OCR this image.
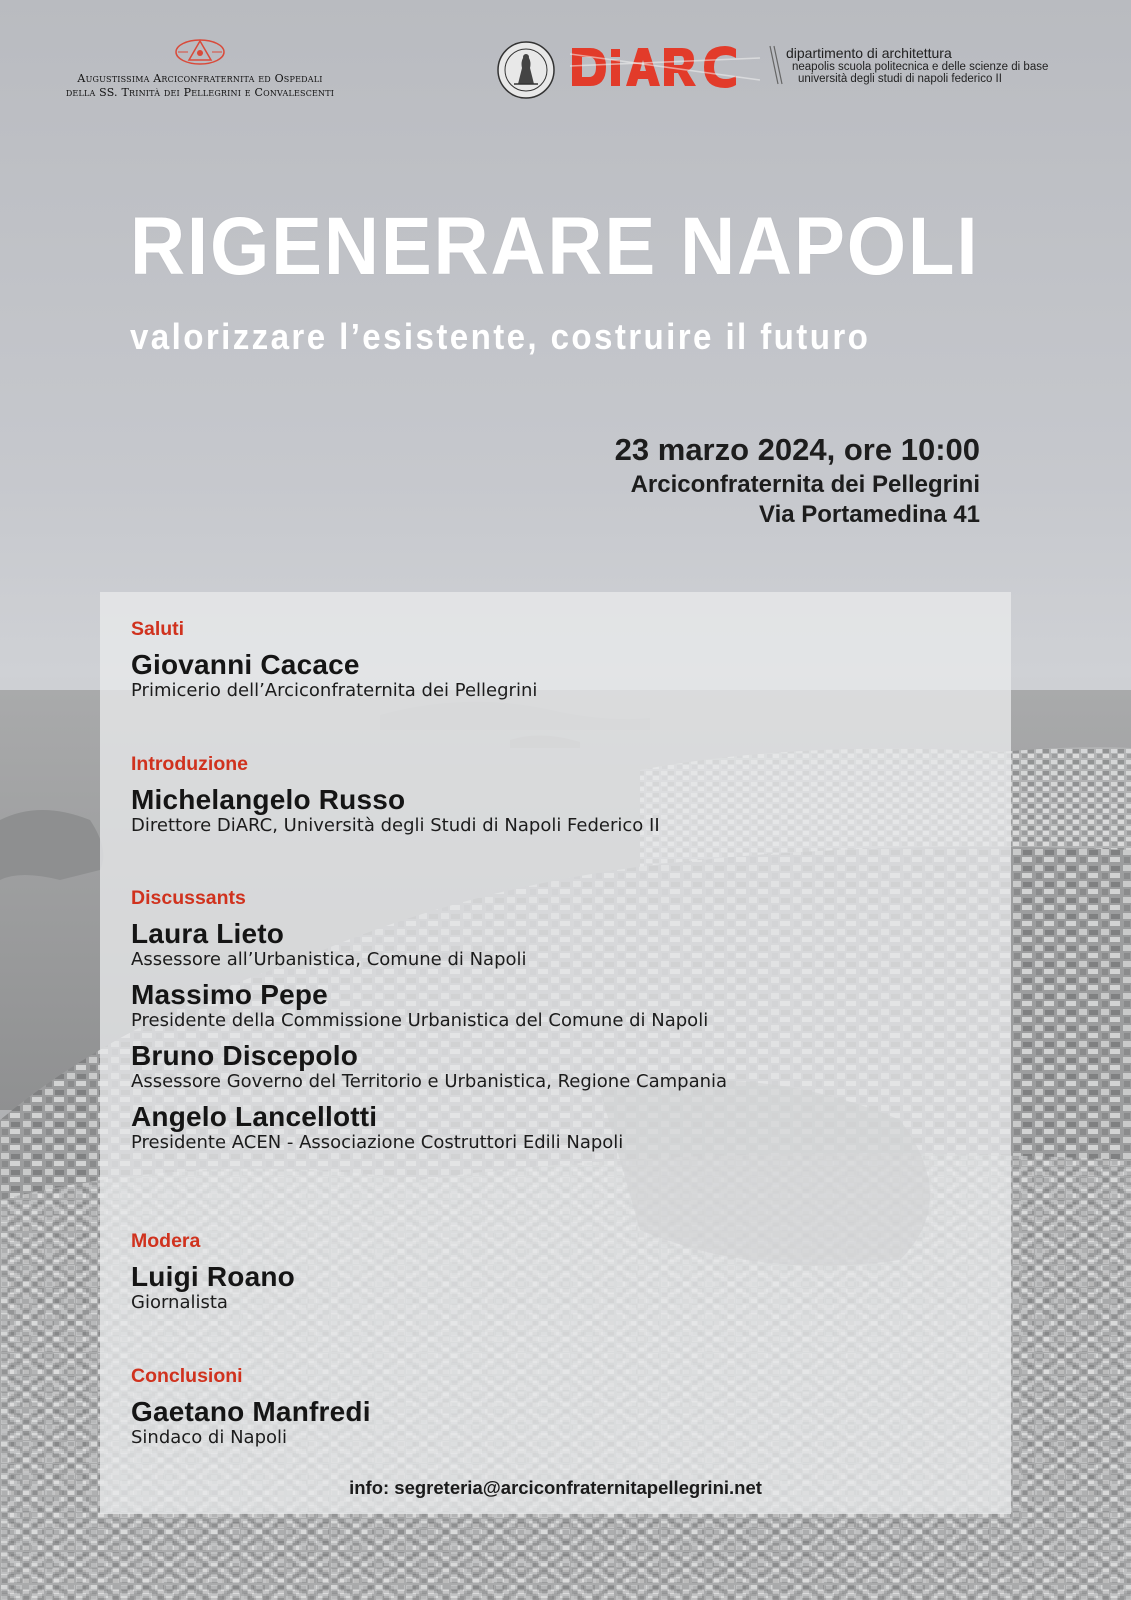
Augustissima Arciconfraternita ed Ospedali
della SS. Trinità dei Pellegrini e Convalescenti
dipartimento di architettura
neapolis scuola politecnica e delle scienze di base
università degli studi di napoli federico II
RIGENERARE NAPOLI
valorizzare l’esistente, costruire il futuro
23 marzo 2024, ore 10:00
Arciconfraternita dei Pellegrini
Via Portamedina 41
Saluti
Giovanni Cacace
Primicerio dell’Arciconfraternita dei Pellegrini
Introduzione
Michelangelo Russo
Direttore DiARC, Università degli Studi di Napoli Federico II
Discussants
Laura Lieto
Assessore all’Urbanistica, Comune di Napoli
Massimo Pepe
Presidente della Commissione Urbanistica del Comune di Napoli
Bruno Discepolo
Assessore Governo del Territorio e Urbanistica, Regione Campania
Angelo Lancellotti
Presidente ACEN - Associazione Costruttori Edili Napoli
Modera
Luigi Roano
Giornalista
Conclusioni
Gaetano Manfredi
Sindaco di Napoli
info: segreteria@arciconfraternitapellegrini.net
